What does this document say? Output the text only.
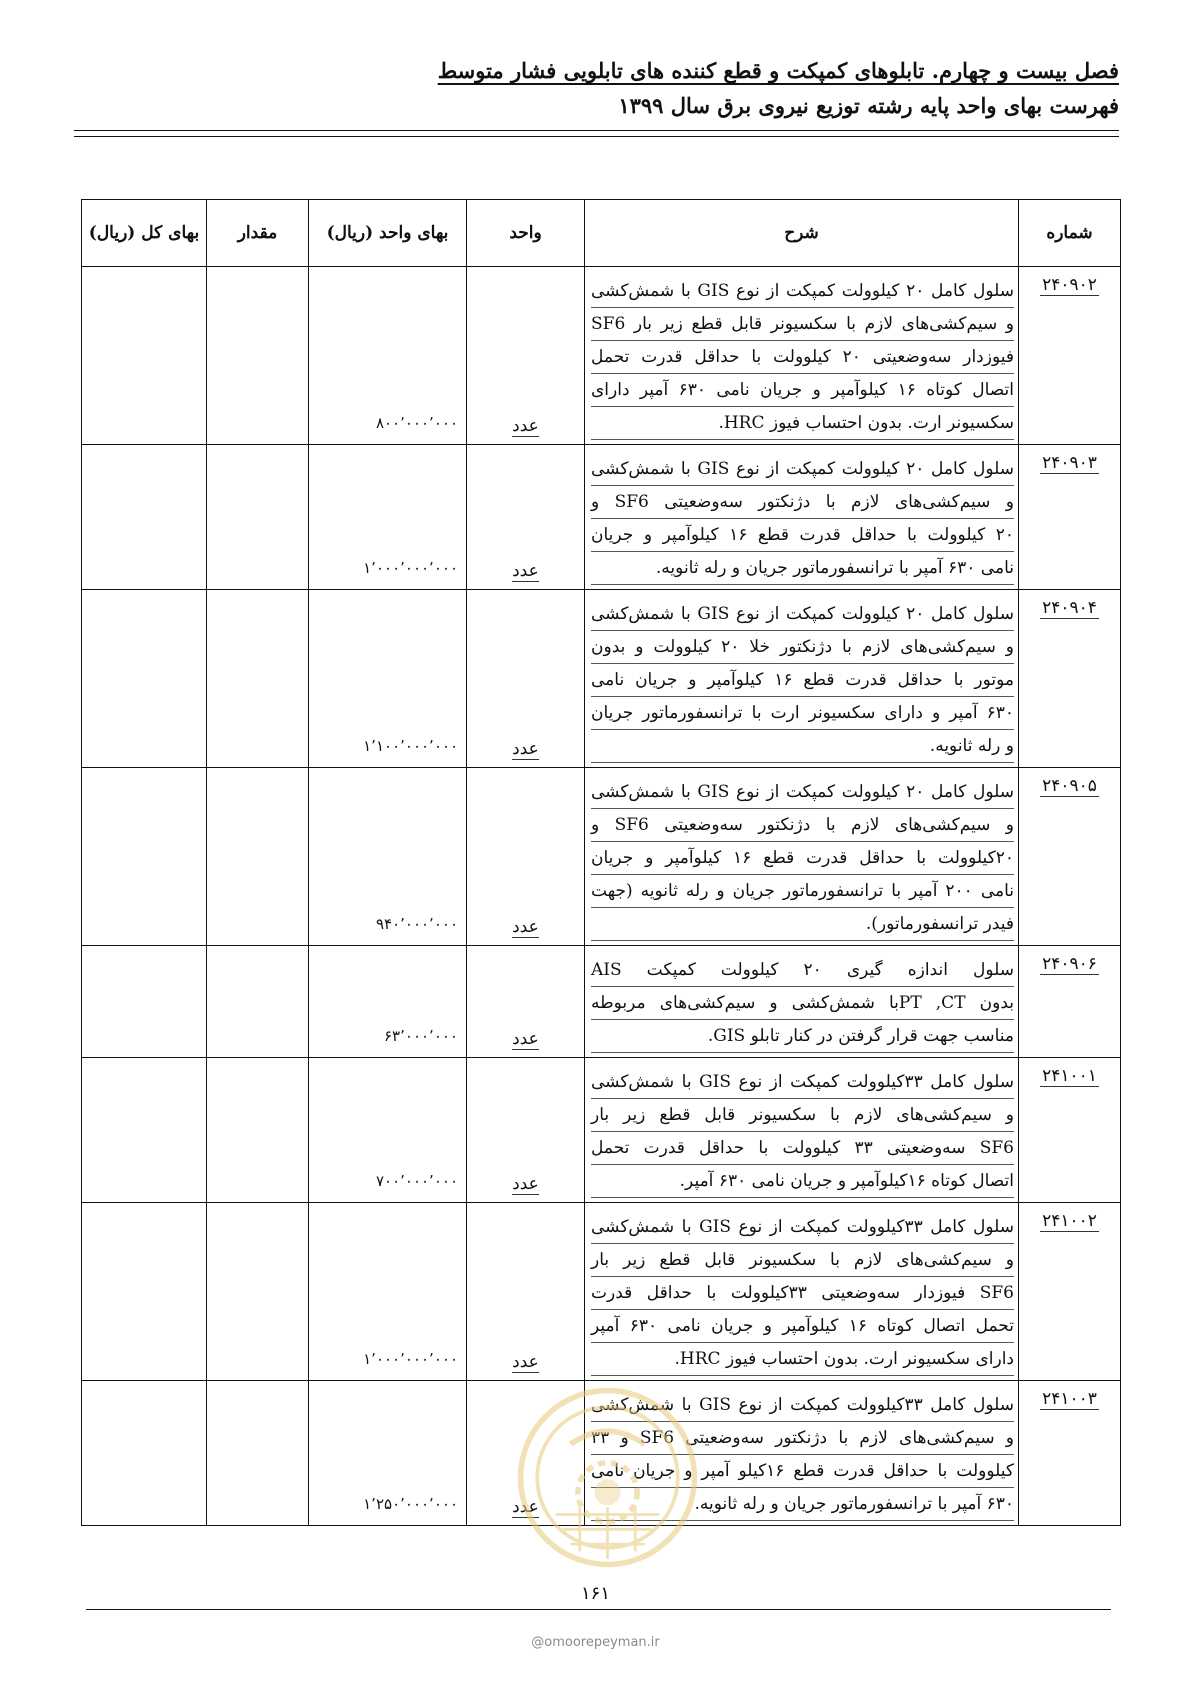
فصل بیست و چهارم. تابلوهای کمپکت و قطع کننده های تابلویی فشار متوسط
فهرست بهای واحد پایه رشته توزیع نیروی برق سال ۱۳۹۹
شماره	شرح	واحد	بهای واحد (ریال)	مقدار	بهای کل (ریال)
۲۴۰۹۰۲	سلول کامل ۲۰ کیلوولت کمپکت از نوع GIS با شمش‌کشی
و سیم‌کشی‌های لازم با سکسیونر قابل قطع زیر بار SF6
فیوزدار سه‌وضعیتی ۲۰ کیلوولت با حداقل قدرت تحمل
اتصال کوتاه ۱۶ کیلوآمپر و جریان نامی ۶۳۰ آمپر دارای
سکسیونر ارت. بدون احتساب فیوز HRC.	عدد	۸۰۰٬۰۰۰٬۰۰۰		
۲۴۰۹۰۳	سلول کامل ۲۰ کیلوولت کمپکت از نوع GIS با شمش‌کشی
و سیم‌کشی‌های لازم با دژنکتور سه‌وضعیتی SF6 و
۲۰ کیلوولت با حداقل قدرت قطع ۱۶ کیلوآمپر و جریان
نامی ۶۳۰ آمپر با ترانسفورماتور جریان و رله ثانویه.	عدد	۱٬۰۰۰٬۰۰۰٬۰۰۰		
۲۴۰۹۰۴	سلول کامل ۲۰ کیلوولت کمپکت از نوع GIS با شمش‌کشی
و سیم‌کشی‌های لازم با دژنکتور خلا ۲۰ کیلوولت و بدون
موتور با حداقل قدرت قطع ۱۶ کیلوآمپر و جریان نامی
۶۳۰ آمپر و دارای سکسیونر ارت با ترانسفورماتور جریان
و رله ثانویه.	عدد	۱٬۱۰۰٬۰۰۰٬۰۰۰		
۲۴۰۹۰۵	سلول کامل ۲۰ کیلوولت کمپکت از نوع GIS با شمش‌کشی
و سیم‌کشی‌های لازم با دژنکتور سه‌وضعیتی SF6 و
۲۰کیلوولت با حداقل قدرت قطع ۱۶ کیلوآمپر و جریان
نامی ۲۰۰ آمپر با ترانسفورماتور جریان و رله ثانویه (جهت
فیدر ترانسفورماتور).	عدد	۹۴۰٬۰۰۰٬۰۰۰		
۲۴۰۹۰۶	سلول اندازه گیری ۲۰ کیلوولت کمپکت AIS
بدون PT ,CTبا شمش‌کشی و سیم‌کشی‌های مربوطه
مناسب جهت قرار گرفتن در کنار تابلو GIS.	عدد	۶۳٬۰۰۰٬۰۰۰		
۲۴۱۰۰۱	سلول کامل ۳۳کیلوولت کمپکت از نوع GIS با شمش‌کشی
و سیم‌کشی‌های لازم با سکسیونر قابل قطع زیر بار
SF6 سه‌وضعیتی ۳۳ کیلوولت با حداقل قدرت تحمل
اتصال کوتاه ۱۶کیلوآمپر و جریان نامی ۶۳۰ آمپر.	عدد	۷۰۰٬۰۰۰٬۰۰۰		
۲۴۱۰۰۲	سلول کامل ۳۳کیلوولت کمپکت از نوع GIS با شمش‌کشی
و سیم‌کشی‌های لازم با سکسیونر قابل قطع زیر بار
SF6 فیوزدار سه‌وضعیتی ۳۳کیلوولت با حداقل قدرت
تحمل اتصال کوتاه ۱۶ کیلوآمپر و جریان نامی ۶۳۰ آمپر
دارای سکسیونر ارت. بدون احتساب فیوز HRC.	عدد	۱٬۰۰۰٬۰۰۰٬۰۰۰		
۲۴۱۰۰۳	سلول کامل ۳۳کیلوولت کمپکت از نوع GIS با شمش‌کشی
و سیم‌کشی‌های لازم با دژنکتور سه‌وضعیتی SF6 و ۳۳
کیلوولت با حداقل قدرت قطع ۱۶کیلو آمپر و جریان نامی
۶۳۰ آمپر با ترانسفورماتور جریان و رله ثانویه.	عدد	۱٬۲۵۰٬۰۰۰٬۰۰۰		
۱۶۱
@omoorepeyman.ir
